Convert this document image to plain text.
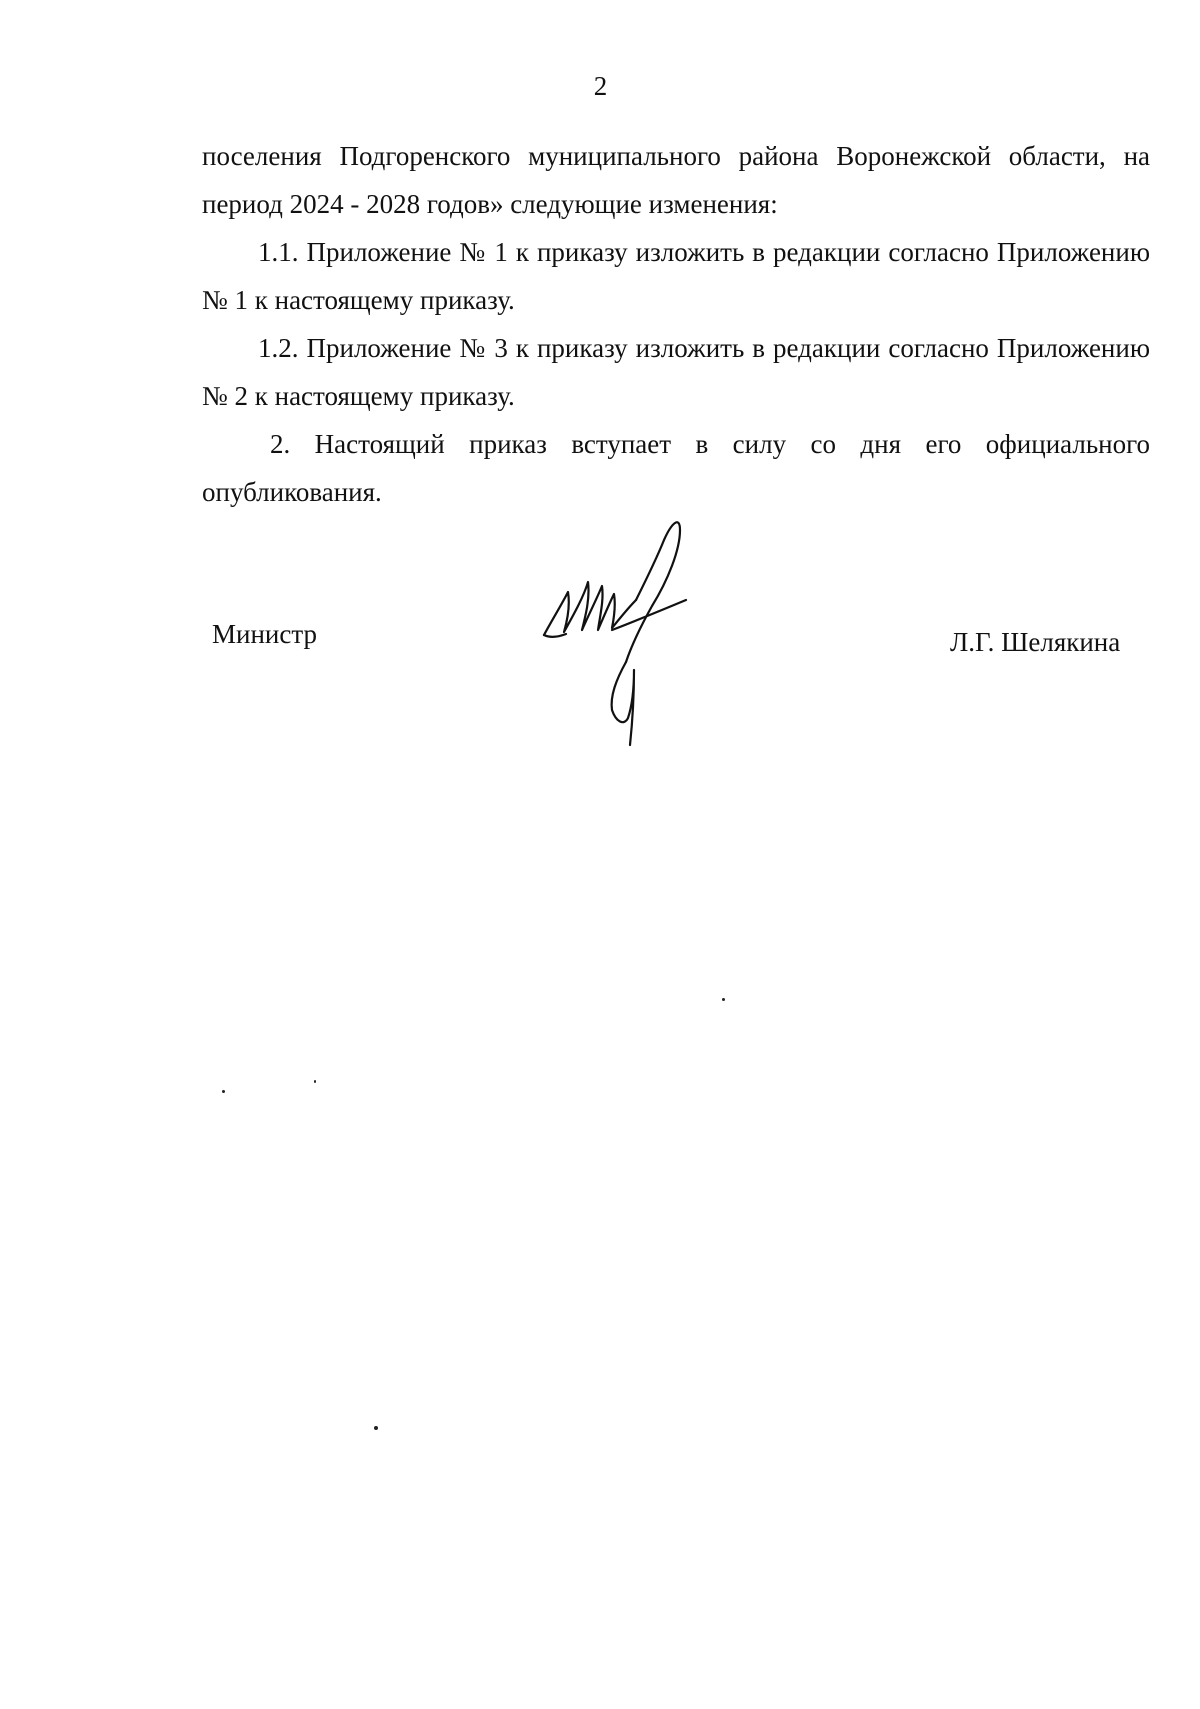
2

поселения Подгоренского муниципального района Воронежской области, на период 2024 - 2028 годов» следующие изменения:

1.1. Приложение № 1 к приказу изложить в редакции согласно Приложению № 1 к настоящему приказу.

1.2. Приложение № 3 к приказу изложить в редакции согласно Приложению № 2 к настоящему приказу.

2. Настоящий приказ вступает в силу со дня его официального опубликования.

Министр	Л.Г. Шелякина
